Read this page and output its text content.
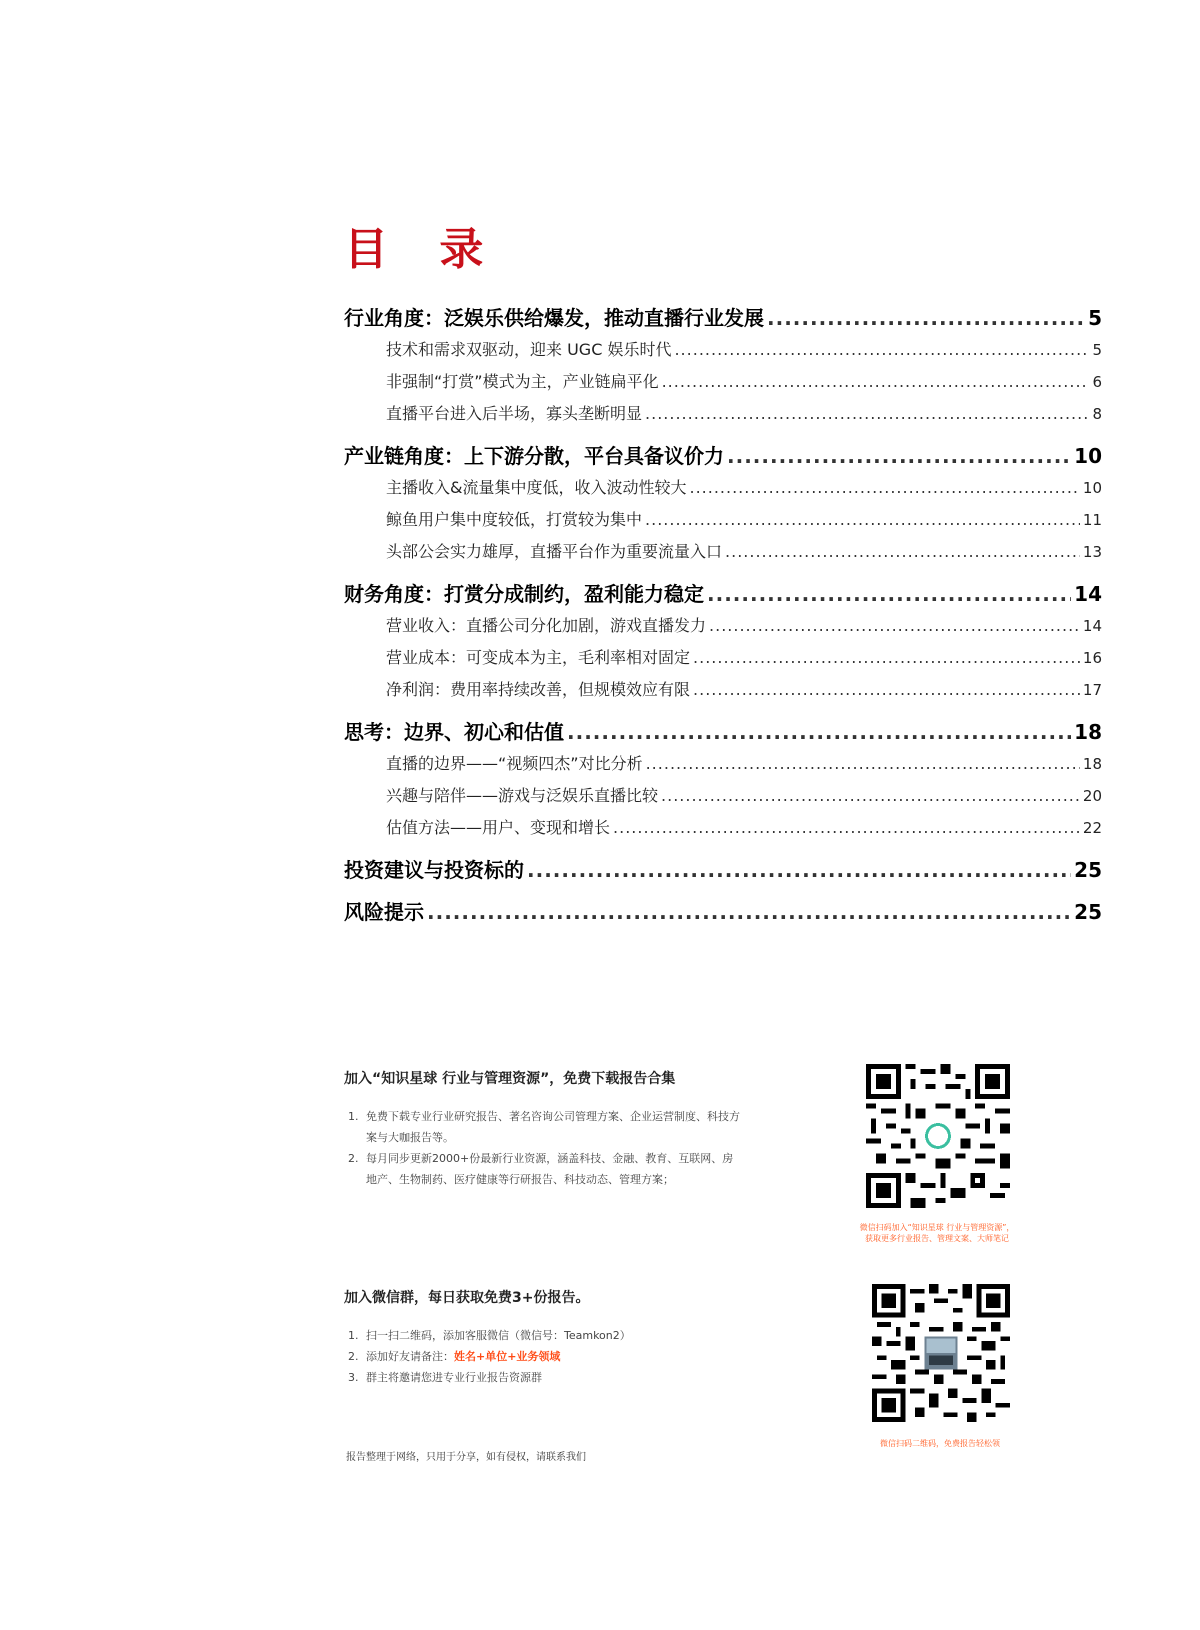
目 录
行业角度：泛娱乐供给爆发，推动直播行业发展 .....	5
技术和需求双驱动，迎来 UGC 娱乐时代 .....	5
非强制“打赏”模式为主，产业链扁平化 .....	6
直播平台进入后半场，寡头垄断明显 .....	8
产业链角度：上下游分散，平台具备议价力 .....	10
主播收入&流量集中度低，收入波动性较大 .....	10
鲸鱼用户集中度较低，打赏较为集中 .....	11
头部公会实力雄厚，直播平台作为重要流量入口 .....	13
财务角度：打赏分成制约，盈利能力稳定 .....	14
营业收入：直播公司分化加剧，游戏直播发力 .....	14
营业成本：可变成本为主，毛利率相对固定 .....	16
净利润：费用率持续改善，但规模效应有限 .....	17
思考：边界、初心和估值 .....	18
直播的边界——“视频四杰”对比分析 .....	18
兴趣与陪伴——游戏与泛娱乐直播比较 .....	20
估值方法——用户、变现和增长 .....	22
投资建议与投资标的 .....	25
风险提示 .....	25
加入“知识星球 行业与管理资源”，免费下载报告合集
1. 免费下载专业行业研究报告、著名咨询公司管理方案、企业运营制度、科技方案与大咖报告等。
2. 每月同步更新2000+份最新行业资源，涵盖科技、金融、教育、互联网、房地产、生物制药、医疗健康等行研报告、科技动态、管理方案；
微信扫码加入“知识星球 行业与管理资源”，
获取更多行业报告、管理文案、大师笔记
加入微信群，每日获取免费3+份报告。
1. 扫一扫二维码，添加客服微信（微信号：Teamkon2）
2. 添加好友请备注：姓名+单位+业务领域
3. 群主将邀请您进专业行业报告资源群
微信扫码二维码，免费报告轻松领
报告整理于网络，只用于分享，如有侵权，请联系我们
